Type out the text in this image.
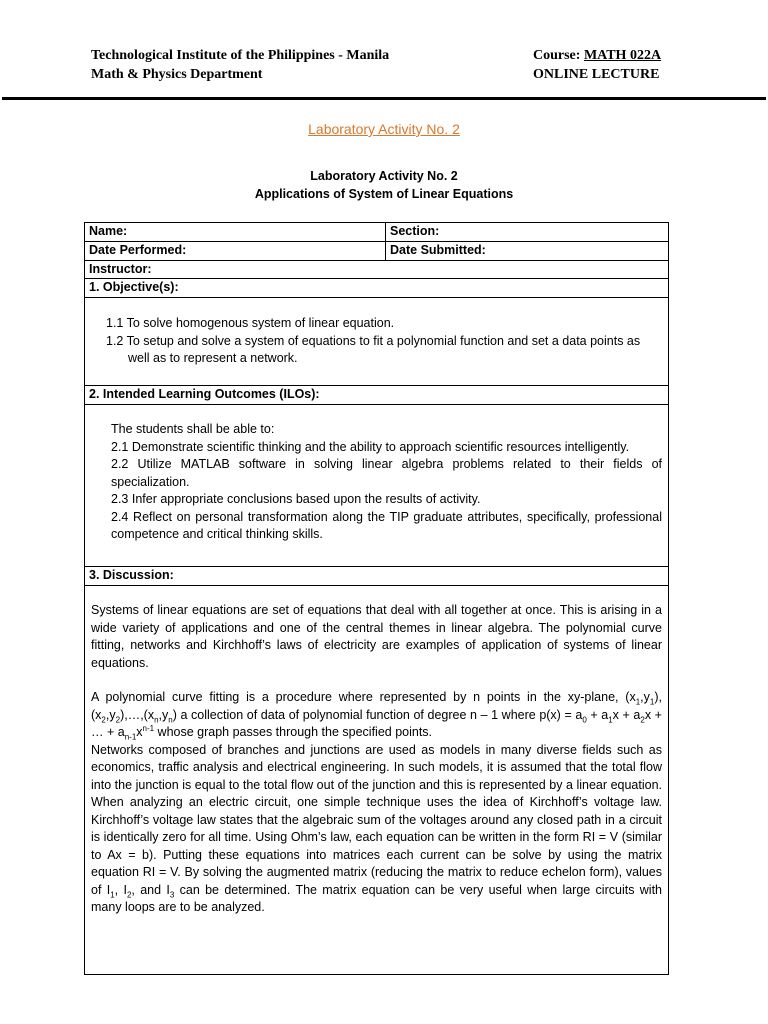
Technological Institute of the Philippines - Manila
Math & Physics Department
Course: MATH 022A
ONLINE LECTURE
Laboratory Activity No. 2
Laboratory Activity No. 2
Applications of System of Linear Equations
Name:	Section:
Date Performed:	Date Submitted:
Instructor:
1. Objective(s):
1.1 To solve homogenous system of linear equation.
1.2 To setup and solve a system of equations to fit a polynomial function and set a data points as well as to represent a network.
2. Intended Learning Outcomes (ILOs):
The students shall be able to:
2.1 Demonstrate scientific thinking and the ability to approach scientific resources intelligently.
2.2 Utilize MATLAB software in solving linear algebra problems related to their fields of specialization.
2.3 Infer appropriate conclusions based upon the results of activity.
2.4 Reflect on personal transformation along the TIP graduate attributes, specifically, professional competence and critical thinking skills.
3. Discussion:
Systems of linear equations are set of equations that deal with all together at once. This is arising in a wide variety of applications and one of the central themes in linear algebra. The polynomial curve fitting, networks and Kirchhoff’s laws of electricity are examples of application of systems of linear equations.
A polynomial curve fitting is a procedure where represented by n points in the xy-plane, $(x_1,y_1),(x_2,y_2),\dots,(x_n,y_n)$ a collection of data of polynomial function of degree n – 1 where $p(x) = a_0 + a_1x + a_2x$ + … + $a_{n-1}x^{n-1}$ whose graph passes through the specified points.
Networks composed of branches and junctions are used as models in many diverse fields such as economics, traffic analysis and electrical engineering. In such models, it is assumed that the total flow into the junction is equal to the total flow out of the junction and this is represented by a linear equation. When analyzing an electric circuit, one simple technique uses the idea of Kirchhoff’s voltage law. Kirchhoff’s voltage law states that the algebraic sum of the voltages around any closed path in a circuit is identically zero for all time. Using Ohm’s law, each equation can be written in the form RI = V (similar to Ax = b). Putting these equations into matrices each current can be solve by using the matrix equation RI = V. By solving the augmented matrix (reducing the matrix to reduce echelon form), values of $I_1$, $I_2$, and $I_3$ can be determined. The matrix equation can be very useful when large circuits with many loops are to be analyzed.
